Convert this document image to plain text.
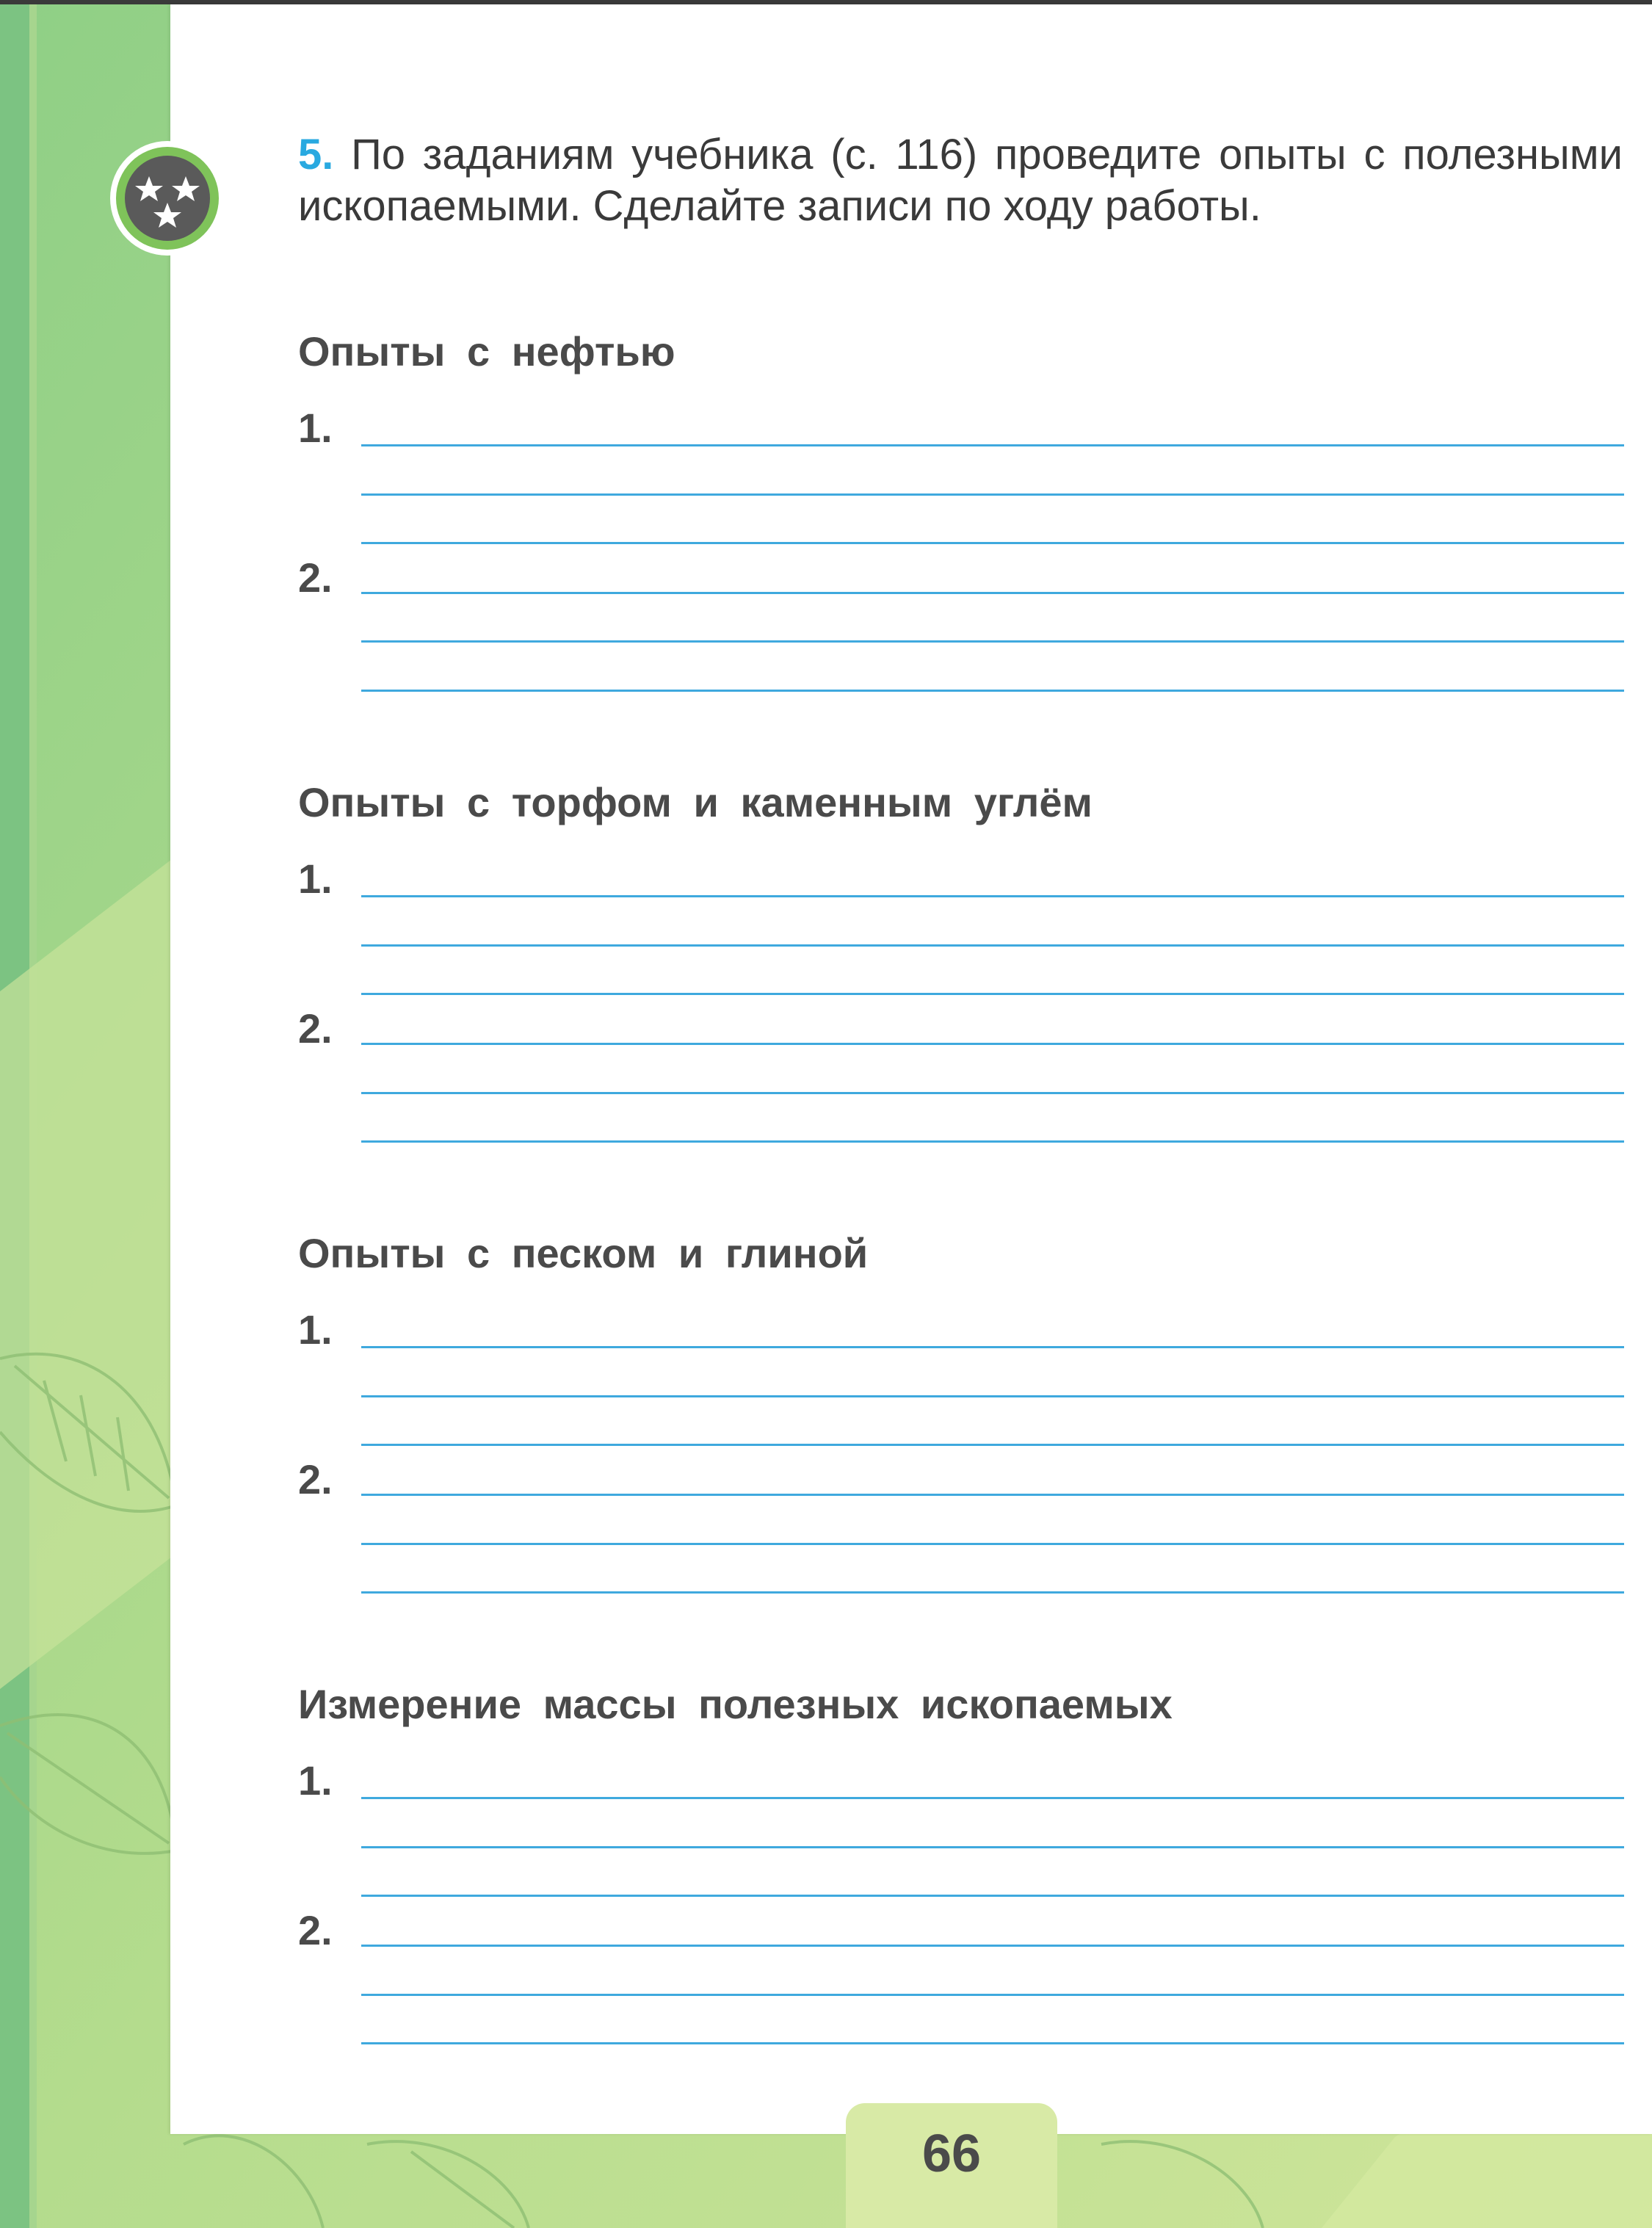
5. По заданиям учебника (с. 116) проведите опыты с полезными ископаемыми. Сделайте записи по ходу работы.
Опыты с нефтью
1.
2.
Опыты с торфом и каменным углём
1.
2.
Опыты с песком и глиной
1.
2.
Измерение массы полезных ископаемых
1.
2.
66
